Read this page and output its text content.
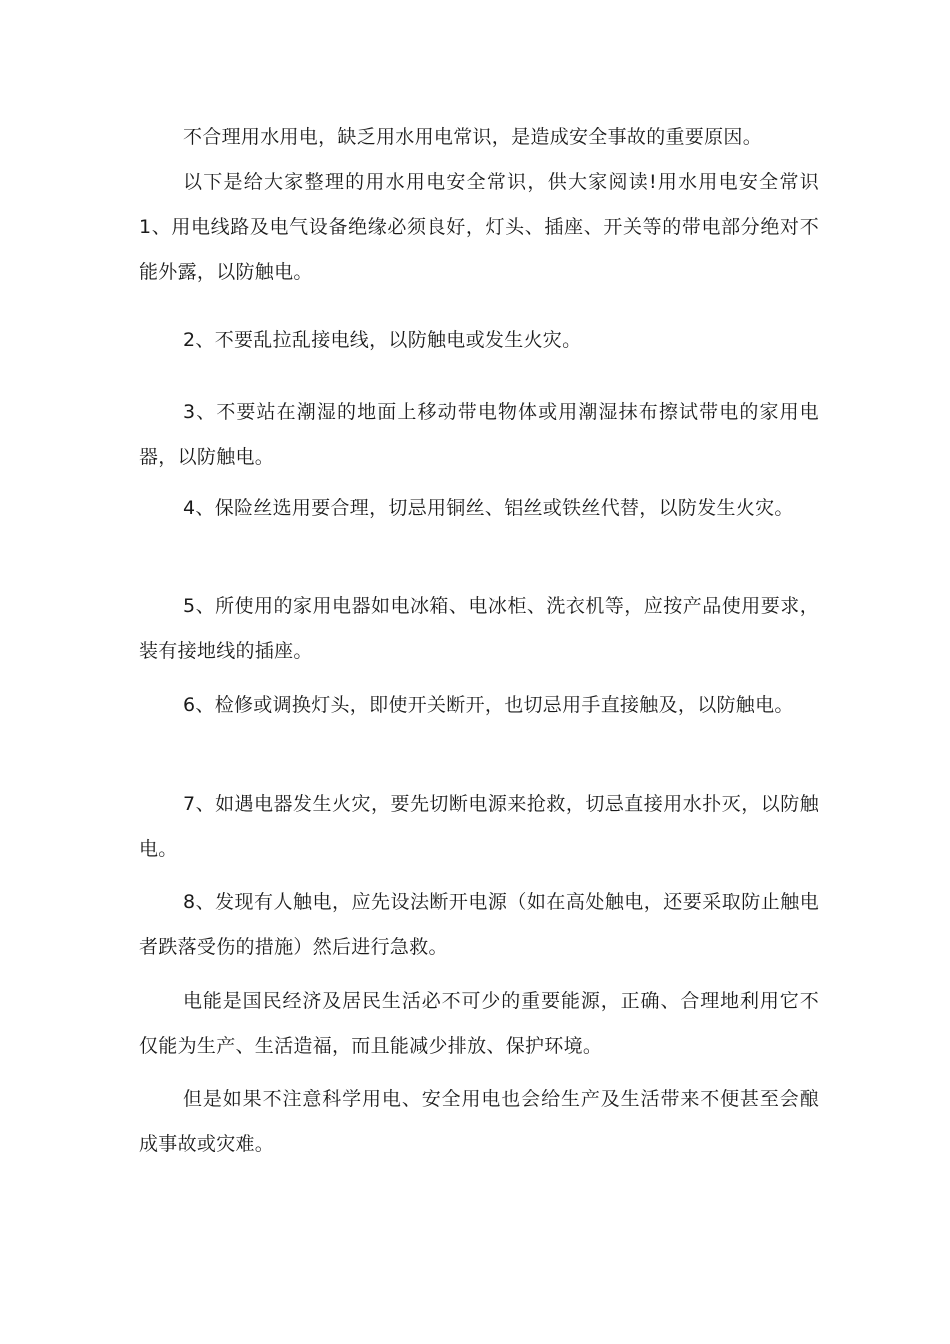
不合理用水用电，缺乏用水用电常识，是造成安全事故的重要原因。

以下是给大家整理的用水用电安全常识，供大家阅读!用水用电安全常识 1、用电线路及电气设备绝缘必须良好，灯头、插座、开关等的带电部分绝对不能外露，以防触电。

2、不要乱拉乱接电线，以防触电或发生火灾。

3、不要站在潮湿的地面上移动带电物体或用潮湿抹布擦试带电的家用电器，以防触电。

4、保险丝选用要合理，切忌用铜丝、铝丝或铁丝代替，以防发生火灾。

5、所使用的家用电器如电冰箱、电冰柜、洗衣机等，应按产品使用要求，装有接地线的插座。

6、检修或调换灯头，即使开关断开，也切忌用手直接触及，以防触电。

7、如遇电器发生火灾，要先切断电源来抢救，切忌直接用水扑灭，以防触电。

8、发现有人触电，应先设法断开电源（如在高处触电，还要采取防止触电者跌落受伤的措施）然后进行急救。

电能是国民经济及居民生活必不可少的重要能源，正确、合理地利用它不仅能为生产、生活造福，而且能减少排放、保护环境。

但是如果不注意科学用电、安全用电也会给生产及生活带来不便甚至会酿成事故或灾难。
